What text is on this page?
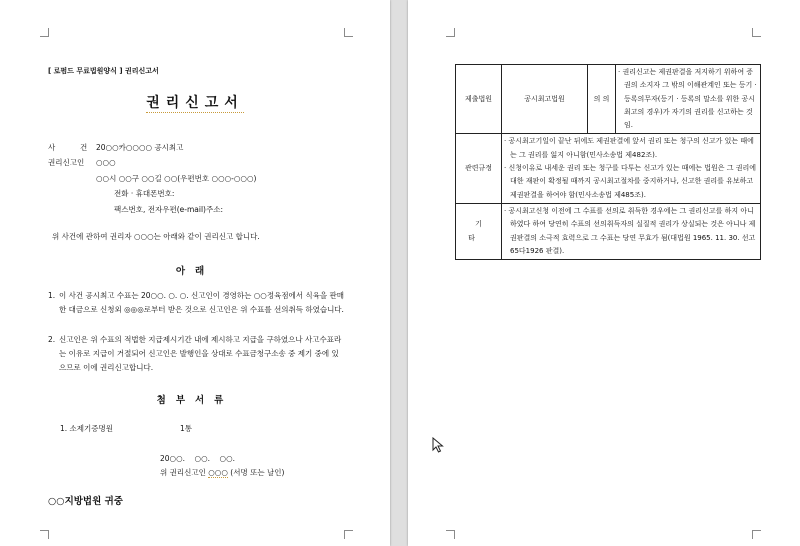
[ 로펌드 무료법원양식 ] 권리신고서
권리신고서
사	건 20○○카○○○○ 공시최고
권리신고인 ○○○
○○시 ○○구 ○○길 ○○(우편번호 ○○○-○○○)
전화 · 휴대폰번호:
팩스번호, 전자우편(e-mail)주소:
위 사건에 관하여 권리자 ○○○는 아래와 같이 권리신고 합니다.
아래
1. 이 사건 공시최고 수표는 20○○. ○. ○. 신고인이 경영하는 ○○정육점에서 식육을 판매한 대금으로 신청외 ◎◎◎로부터 받은 것으로 신고인은 위 수표를 선의취득 하였습니다.
2. 신고인은 위 수표의 적법한 지급제시기간 내에 제시하고 지급을 구하였으나 사고수표라는 이유로 지급이 거절되어 신고인은 발행인을 상대로 수표금청구소송 중 제기 중에 있으므로 이에 권리신고합니다.
첨부서류
1. 소제기증명원	1통
20○○.    ○○.    ○○.
위 권리신고인 ○○○ (서명 또는 날인)
○○지방법원 귀중
제출법원	공시최고법원	의 의	· 권리신고는 제권판결을 저지하기 위하여 증권의 소지자 그 밖의 이해관계인 또는 등기 · 등록의무자(등기 · 등록의 말소를 위한 공시최고의 경우)가 자기의 권리를 신고하는 것임.

관련규정	· 공시최고기일이 끝난 뒤에도 제권판결에 앞서 권리 또는 청구의 신고가 있는 때에는 그 권리를 잃지 아니함(민사소송법 제482조).
· 신청이유로 내세운 권리 또는 청구를 다투는 신고가 있는 때에는 법원은 그 권리에 대한 재판이 확정될 때까지 공시최고절차를 중지하거나, 신고한 권리를 유보하고 제권판결을 하여야 함(민사소송법 제485조).		

기타	· 공시최고신청 이전에 그 수표를 선의로 취득한 경우에는 그 권리신고를 하지 아니하였다 하여 당연히 수표의 선의취득자의 실질적 권리가 상실되는 것은 아니나 제권판결의 소극적 효력으로 그 수표는 당연 무효가 됨(대법원 1965. 11. 30. 선고 65다1926 판결).		
